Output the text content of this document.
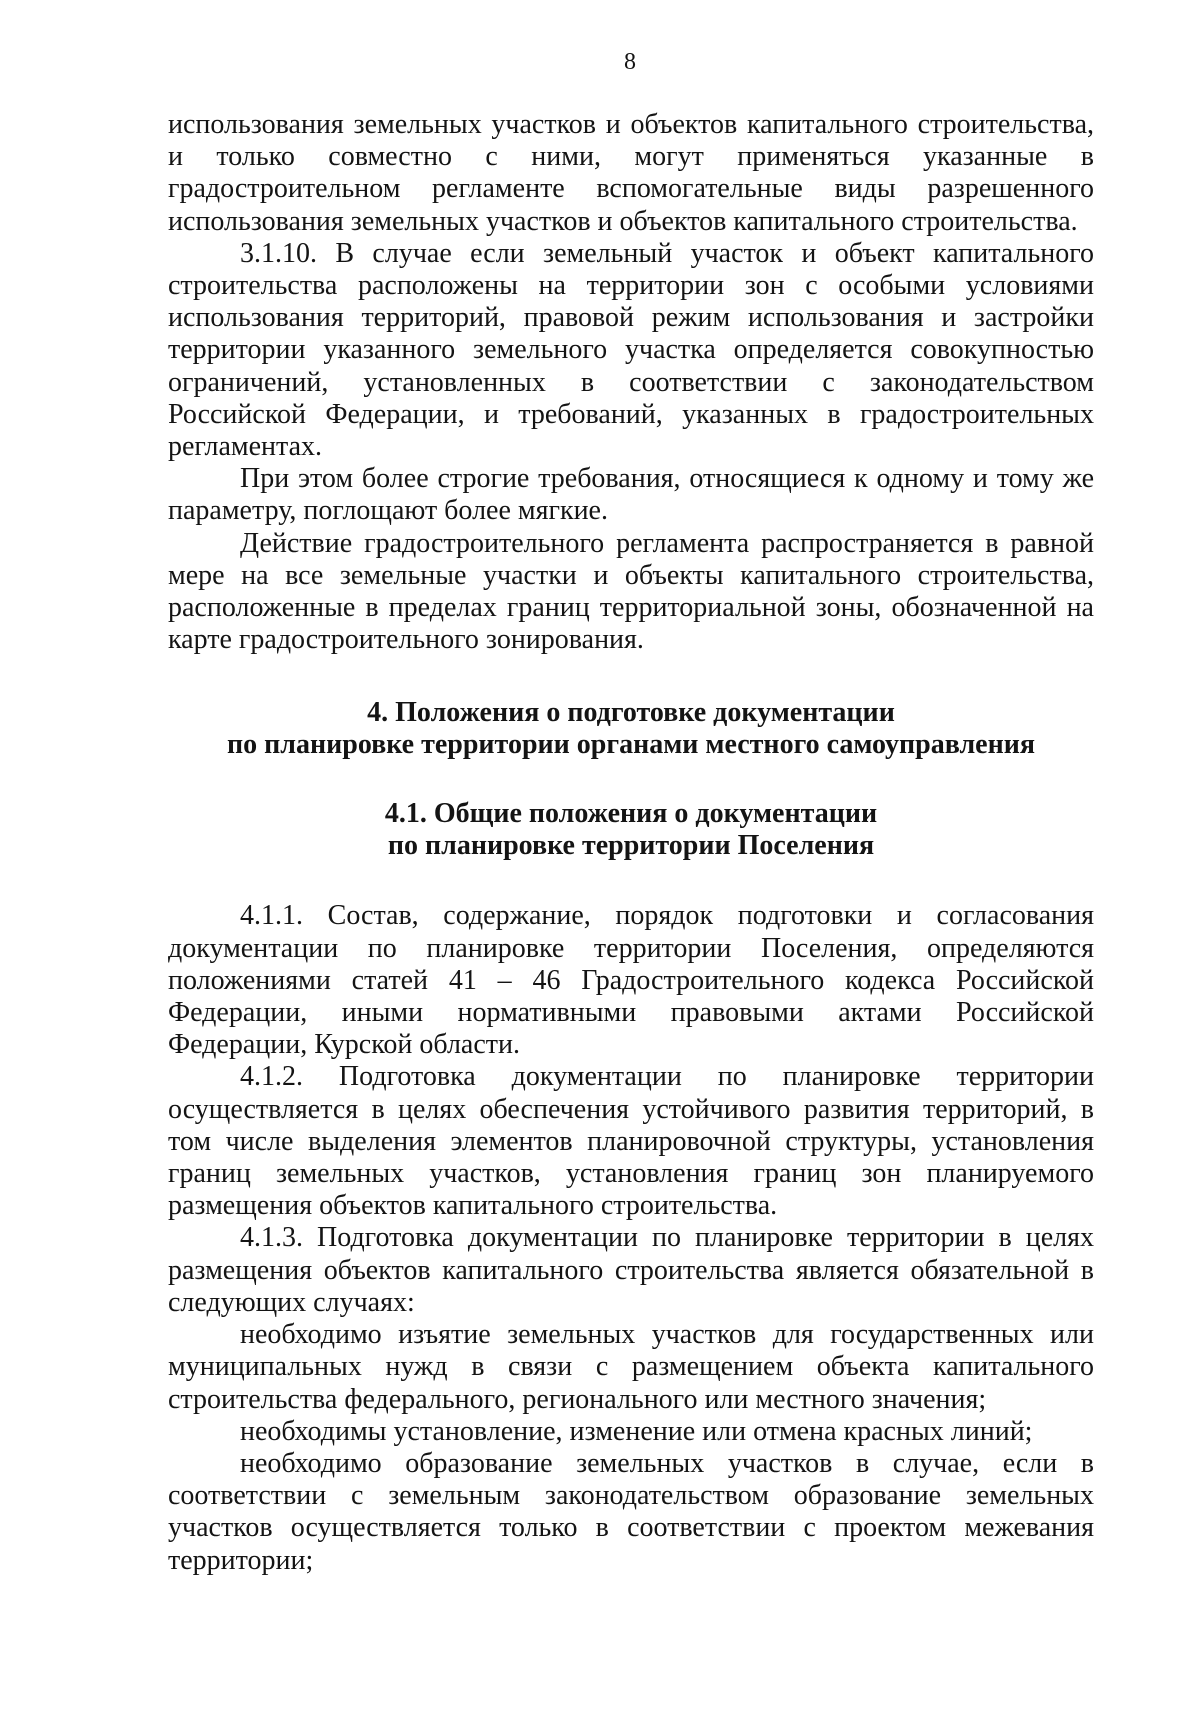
8

использования земельных участков и объектов капитального строительства, и только совместно с ними, могут применяться указанные в градостроительном регламенте вспомогательные виды разрешенного использования земельных участков и объектов капитального строительства.

3.1.10. В случае если земельный участок и объект капитального строительства расположены на территории зон с особыми условиями использования территорий, правовой режим использования и застройки территории указанного земельного участка определяется совокупностью ограничений, установленных в соответствии с законодательством Российской Федерации, и требований, указанных в градостроительных регламентах.

При этом более строгие требования, относящиеся к одному и тому же параметру, поглощают более мягкие.

Действие градостроительного регламента распространяется в равной мере на все земельные участки и объекты капитального строительства, расположенные в пределах границ территориальной зоны, обозначенной на карте градостроительного зонирования.

4. Положения о подготовке документации
по планировке территории органами местного самоуправления
4.1. Общие положения о документации
по планировке территории Поселения

4.1.1. Состав, содержание, порядок подготовки и согласования документации по планировке территории Поселения, определяются положениями статей 41 – 46 Градостроительного кодекса Российской Федерации, иными нормативными правовыми актами Российской Федерации, Курской области.

4.1.2. Подготовка документации по планировке территории осуществляется в целях обеспечения устойчивого развития территорий, в том числе выделения элементов планировочной структуры, установления границ земельных участков, установления границ зон планируемого размещения объектов капитального строительства.

4.1.3. Подготовка документации по планировке территории в целях размещения объектов капитального строительства является обязательной в следующих случаях:

необходимо изъятие земельных участков для государственных или муниципальных нужд в связи с размещением объекта капитального строительства федерального, регионального или местного значения;

необходимы установление, изменение или отмена красных линий;

необходимо образование земельных участков в случае, если в соответствии с земельным законодательством образование земельных участков осуществляется только в соответствии с проектом межевания территории;
